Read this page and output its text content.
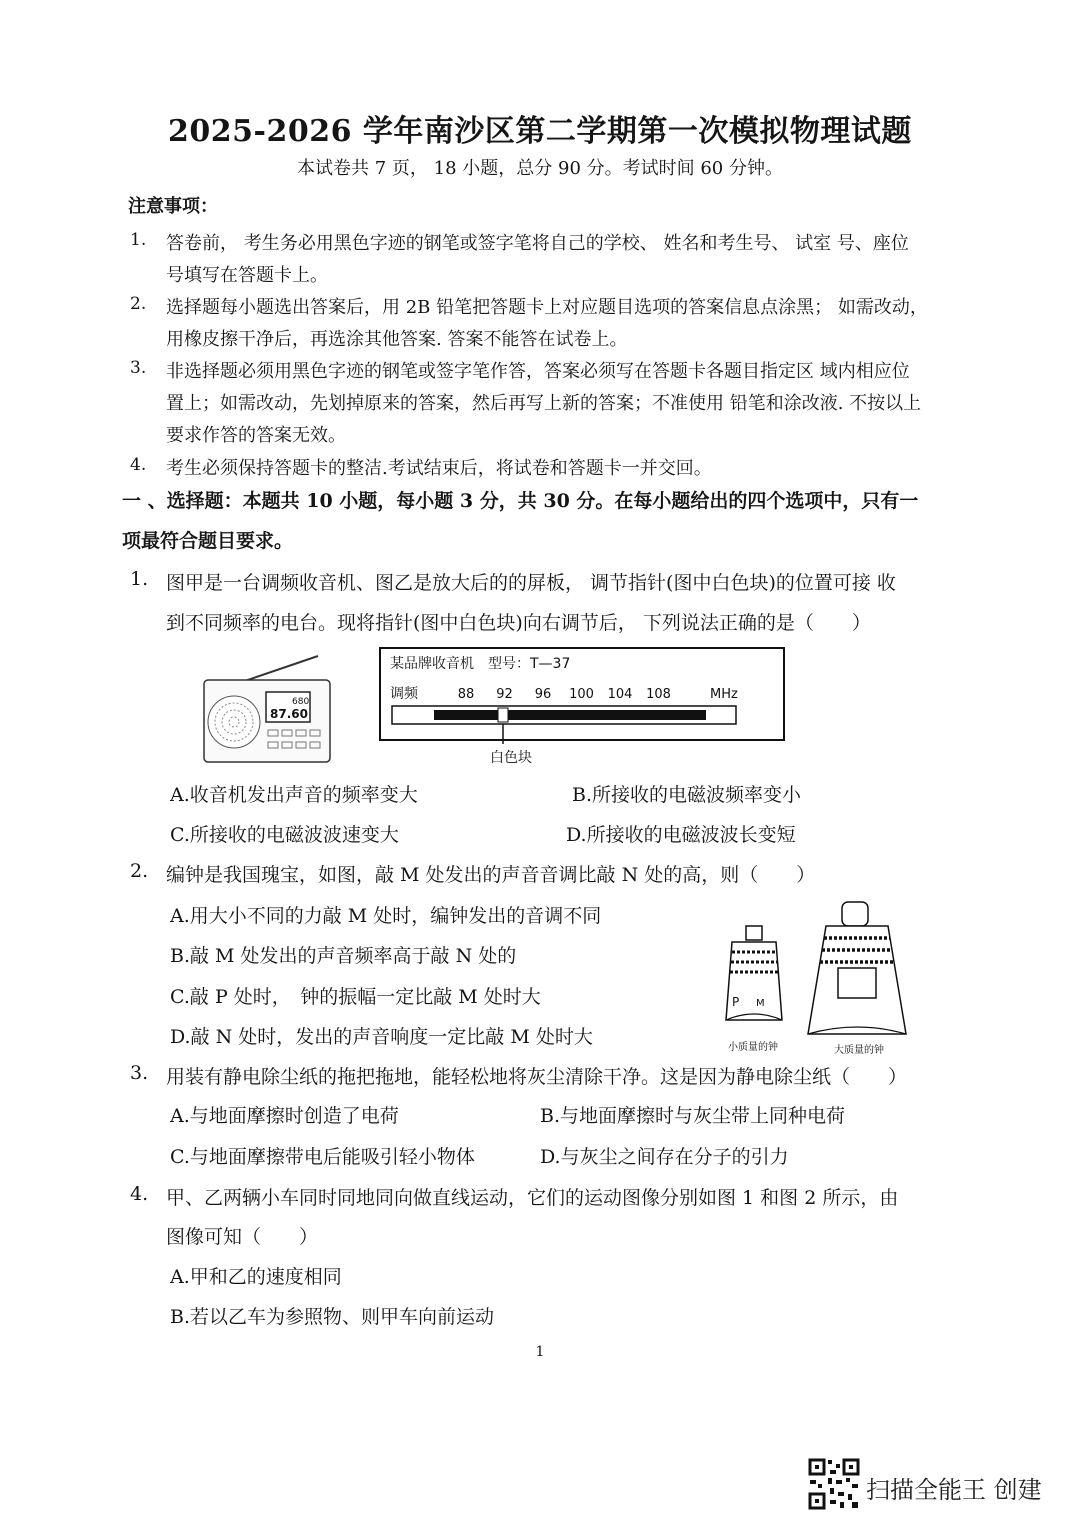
2025-2026 学年南沙区第二学期第一次模拟物理试题
本试卷共 7 页， 18 小题，总分 90 分。考试时间 60 分钟。
注意事项：
1. 答卷前， 考生务必用黑色字迹的钢笔或签字笔将自己的学校、 姓名和考生号、 试室 号、座位
号填写在答题卡上。
2. 选择题每小题选出答案后，用 2B 铅笔把答题卡上对应题目选项的答案信息点涂黑； 如需改动，
用橡皮擦干净后，再选涂其他答案. 答案不能答在试卷上。
3. 非选择题必须用黑色字迹的钢笔或签字笔作答，答案必须写在答题卡各题目指定区 域内相应位
置上；如需改动，先划掉原来的答案，然后再写上新的答案；不准使用 铅笔和涂改液. 不按以上
要求作答的答案无效。
4. 考生必须保持答题卡的整洁.考试结束后，将试卷和答题卡一并交回。
一 、选择题：本题共 10 小题，每小题 3 分，共 30 分。在每小题给出的四个选项中，只有一
项最符合题目要求。
1. 图甲是一台调频收音机、图乙是放大后的的屏板， 调节指针(图中白色块)的位置可接 收
到不同频率的电台。现将指针(图中白色块)向右调节后， 下列说法正确的是（　　）
680
87.60
某品牌收音机　型号：T—37
调频	88 92 96 100 104 108	MHz
白色块
A.收音机发出声音的频率变大	B.所接收的电磁波频率变小
C.所接收的电磁波波速变大	D.所接收的电磁波波长变短
2. 编钟是我国瑰宝，如图，敲 M 处发出的声音音调比敲 N 处的高，则（　　）
A.用大小不同的力敲 M 处时，编钟发出的音调不同
B.敲 M 处发出的声音频率高于敲 N 处的
C.敲 P 处时，　钟的振幅一定比敲 M 处时大
D.敲 N 处时，发出的声音响度一定比敲 M 处时大
P M
小质量的钟	大质量的钟
3. 用装有静电除尘纸的拖把拖地，能轻松地将灰尘清除干净。这是因为静电除尘纸（　　）
A.与地面摩擦时创造了电荷	B.与地面摩擦时与灰尘带上同种电荷
C.与地面摩擦带电后能吸引轻小物体	D.与灰尘之间存在分子的引力
4. 甲、乙两辆小车同时同地同向做直线运动，它们的运动图像分别如图 1 和图 2 所示，由
图像可知（　　）
A.甲和乙的速度相同
B.若以乙车为参照物、则甲车向前运动
1
扫描全能王 创建
